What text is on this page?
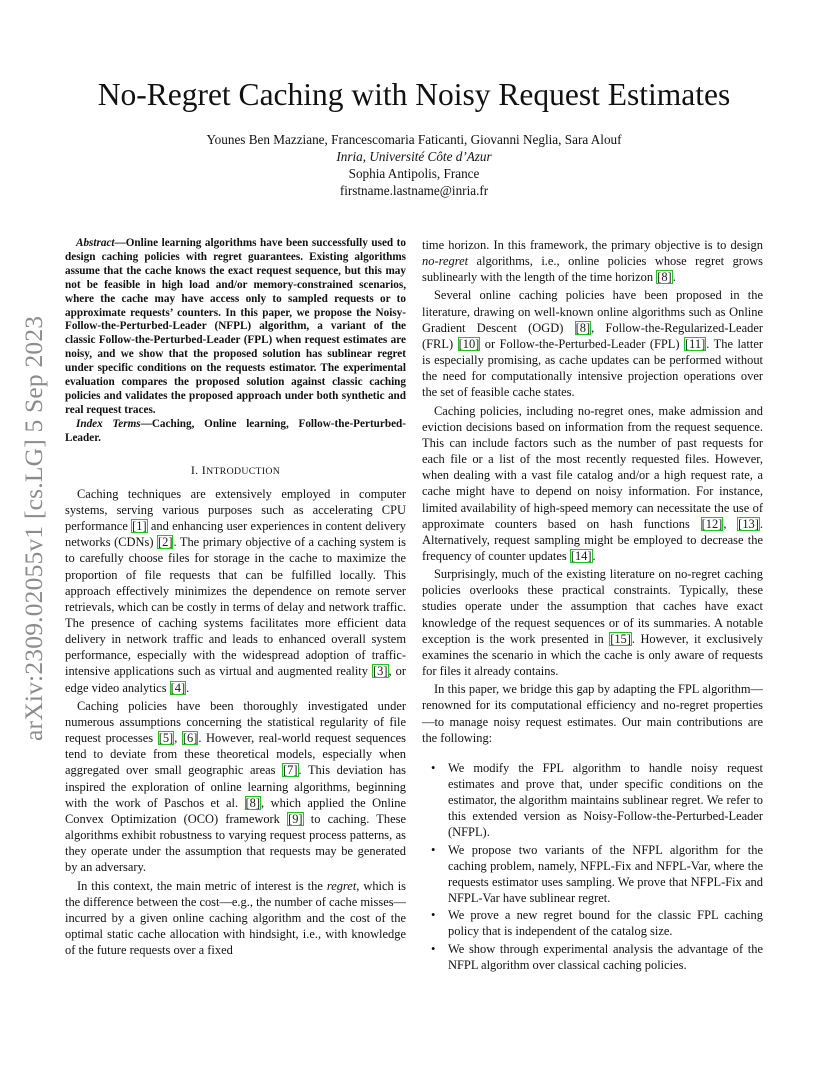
No-Regret Caching with Noisy Request Estimates
Younes Ben Mazziane, Francescomaria Faticanti, Giovanni Neglia, Sara Alouf
Inria, Université Côte d’Azur
Sophia Antipolis, France
firstname.lastname@inria.fr
arXiv:2309.02055v1 [cs.LG] 5 Sep 2023

Abstract—Online learning algorithms have been successfully used to design caching policies with regret guarantees. Existing algorithms assume that the cache knows the exact request sequence, but this may not be feasible in high load and/or memory-constrained scenarios, where the cache may have access only to sampled requests or to approximate requests’ counters. In this paper, we propose the Noisy-Follow-the-Perturbed-Leader (NFPL) algorithm, a variant of the classic Follow-the-Perturbed-Leader (FPL) when request estimates are noisy, and we show that the proposed solution has sublinear regret under specific conditions on the requests estimator. The experimental evaluation compares the proposed solution against classic caching policies and validates the proposed approach under both synthetic and real request traces.

Index Terms—Caching, Online learning, Follow-the-Perturbed-Leader.

I. INTRODUCTION

Caching techniques are extensively employed in computer systems, serving various purposes such as accelerating CPU performance [1] and enhancing user experiences in content delivery networks (CDNs) [2]. The primary objective of a caching system is to carefully choose files for storage in the cache to maximize the proportion of file requests that can be fulfilled locally. This approach effectively minimizes the dependence on remote server retrievals, which can be costly in terms of delay and network traffic. The presence of caching systems facilitates more efficient data delivery in network traffic and leads to enhanced overall system performance, especially with the widespread adoption of traffic-intensive applications such as virtual and augmented reality [3], or edge video analytics [4].

Caching policies have been thoroughly investigated under numerous assumptions concerning the statistical regularity of file request processes [5], [6]. However, real-world request sequences tend to deviate from these theoretical models, especially when aggregated over small geographic areas [7]. This deviation has inspired the exploration of online learning algorithms, beginning with the work of Paschos et al. [8], which applied the Online Convex Optimization (OCO) framework [9] to caching. These algorithms exhibit robustness to varying request process patterns, as they operate under the assumption that requests may be generated by an adversary.

In this context, the main metric of interest is the regret, which is the difference between the cost—e.g., the number of cache misses—incurred by a given online caching algorithm and the cost of the optimal static cache allocation with hindsight, i.e., with knowledge of the future requests over a fixed

time horizon. In this framework, the primary objective is to design no-regret algorithms, i.e., online policies whose regret grows sublinearly with the length of the time horizon [8].

Several online caching policies have been proposed in the literature, drawing on well-known online algorithms such as Online Gradient Descent (OGD) [8], Follow-the-Regularized-Leader (FRL) [10] or Follow-the-Perturbed-Leader (FPL) [11]. The latter is especially promising, as cache updates can be performed without the need for computationally intensive projection operations over the set of feasible cache states.

Caching policies, including no-regret ones, make admission and eviction decisions based on information from the request sequence. This can include factors such as the number of past requests for each file or a list of the most recently requested files. However, when dealing with a vast file catalog and/or a high request rate, a cache might have to depend on noisy information. For instance, limited availability of high-speed memory can necessitate the use of approximate counters based on hash functions [12], [13]. Alternatively, request sampling might be employed to decrease the frequency of counter updates [14].

Surprisingly, much of the existing literature on no-regret caching policies overlooks these practical constraints. Typically, these studies operate under the assumption that caches have exact knowledge of the request sequences or of its summaries. A notable exception is the work presented in [15]. However, it exclusively examines the scenario in which the cache is only aware of requests for files it already contains.

In this paper, we bridge this gap by adapting the FPL algorithm—renowned for its computational efficiency and no-regret properties—to manage noisy request estimates. Our main contributions are the following:

• We modify the FPL algorithm to handle noisy request estimates and prove that, under specific conditions on the estimator, the algorithm maintains sublinear regret. We refer to this extended version as Noisy-Follow-the-Perturbed-Leader (NFPL).
• We propose two variants of the NFPL algorithm for the caching problem, namely, NFPL-Fix and NFPL-Var, where the requests estimator uses sampling. We prove that NFPL-Fix and NFPL-Var have sublinear regret.
• We prove a new regret bound for the classic FPL caching policy that is independent of the catalog size.
• We show through experimental analysis the advantage of the NFPL algorithm over classical caching policies.
